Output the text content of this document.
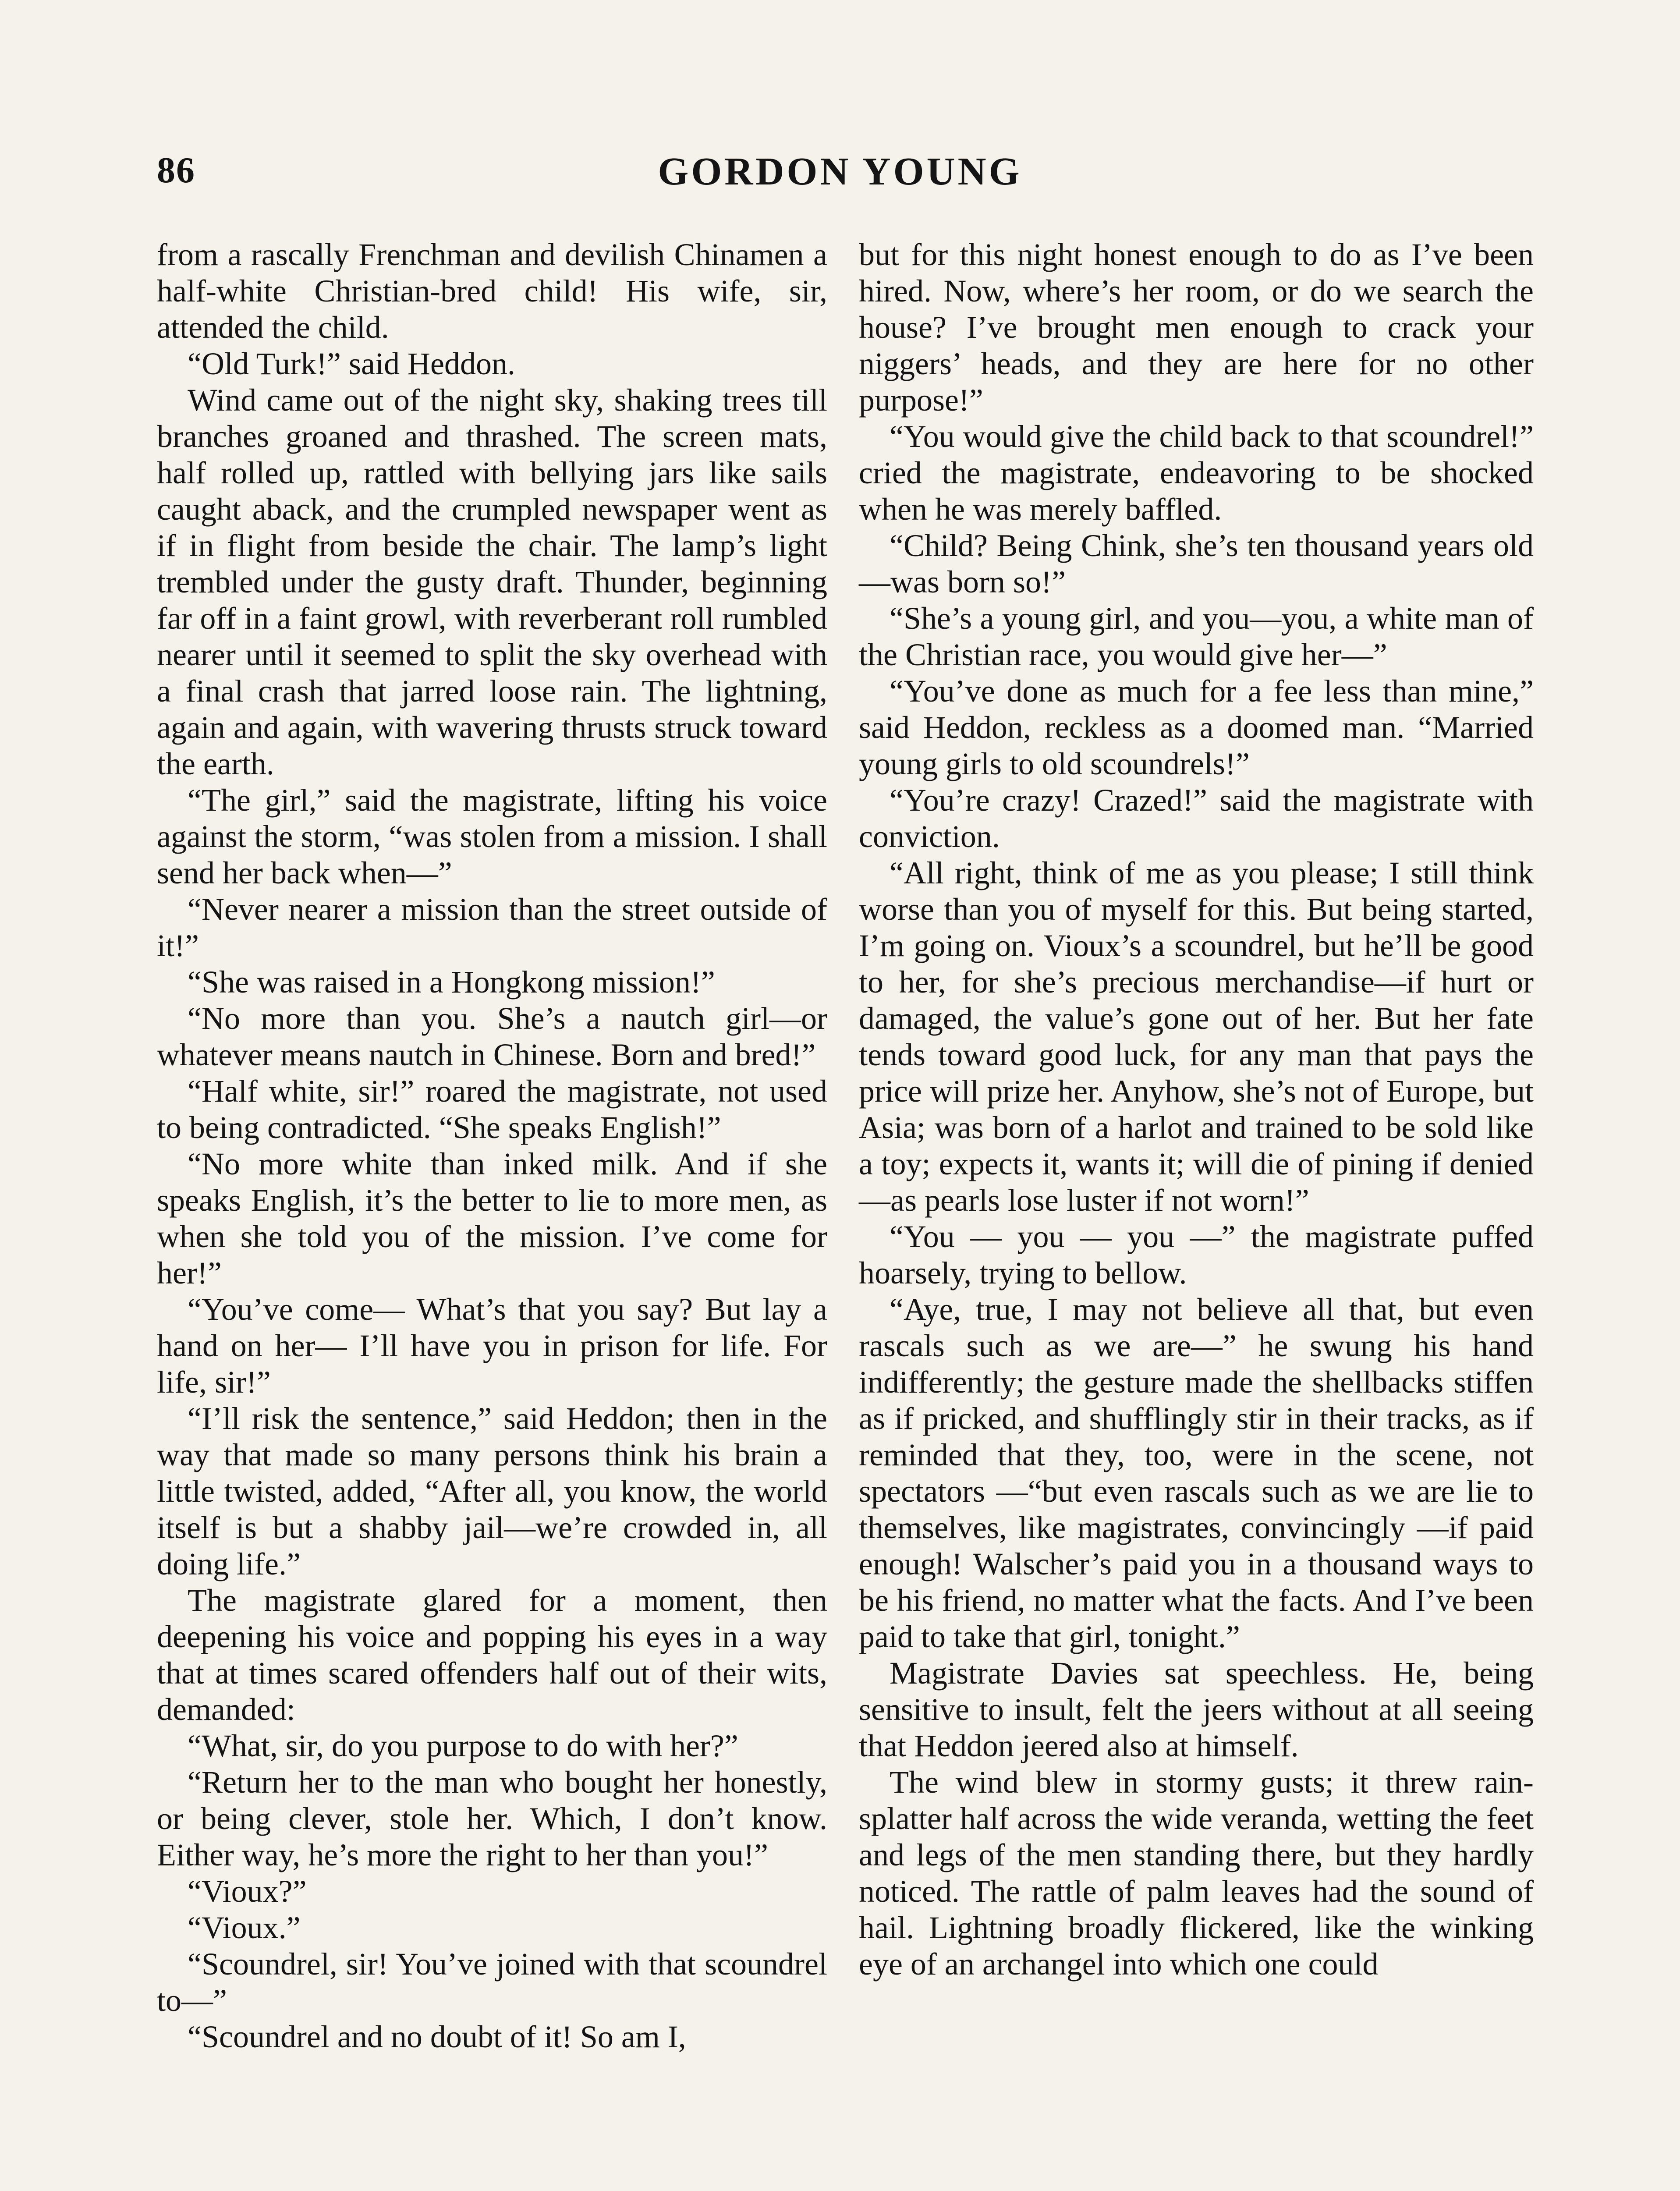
86	GORDON YOUNG

from a rascally Frenchman and devilish Chinamen a half-white Christian-bred child! His wife, sir, attended the child.

“Old Turk!” said Heddon.

Wind came out of the night sky, shaking trees till branches groaned and thrashed. The screen mats, half rolled up, rattled with bellying jars like sails caught aback, and the crumpled newspaper went as if in flight from beside the chair. The lamp’s light trembled under the gusty draft. Thunder, beginning far off in a faint growl, with reverberant roll rumbled nearer until it seemed to split the sky overhead with a final crash that jarred loose rain. The lightning, again and again, with wavering thrusts struck toward the earth.

“The girl,” said the magistrate, lifting his voice against the storm, “was stolen from a mission. I shall send her back when—”

“Never nearer a mission than the street outside of it!”

“She was raised in a Hongkong mission!”

“No more than you. She’s a nautch girl—or whatever means nautch in Chinese. Born and bred!”

“Half white, sir!” roared the magistrate, not used to being contradicted. “She speaks English!”

“No more white than inked milk. And if she speaks English, it’s the better to lie to more men, as when she told you of the mission. I’ve come for her!”

“You’ve come— What’s that you say? But lay a hand on her— I’ll have you in prison for life. For life, sir!”

“I’ll risk the sentence,” said Heddon; then in the way that made so many persons think his brain a little twisted, added, “After all, you know, the world itself is but a shabby jail—we’re crowded in, all doing life.”

The magistrate glared for a moment, then deepening his voice and popping his eyes in a way that at times scared offenders half out of their wits, demanded:

“What, sir, do you purpose to do with her?”

“Return her to the man who bought her honestly, or being clever, stole her. Which, I don’t know. Either way, he’s more the right to her than you!”

“Vioux?”

“Vioux.”

“Scoundrel, sir! You’ve joined with that scoundrel to—”

“Scoundrel and no doubt of it! So am I,

but for this night honest enough to do as I’ve been hired. Now, where’s her room, or do we search the house? I’ve brought men enough to crack your niggers’ heads, and they are here for no other purpose!”

“You would give the child back to that scoundrel!” cried the magistrate, endeavoring to be shocked when he was merely baffled.

“Child? Being Chink, she’s ten thousand years old—was born so!”

“She’s a young girl, and you—you, a white man of the Christian race, you would give her—”

“You’ve done as much for a fee less than mine,” said Heddon, reckless as a doomed man. “Married young girls to old scoundrels!”

“You’re crazy! Crazed!” said the magistrate with conviction.

“All right, think of me as you please; I still think worse than you of myself for this. But being started, I’m going on. Vioux’s a scoundrel, but he’ll be good to her, for she’s precious merchandise—if hurt or damaged, the value’s gone out of her. But her fate tends toward good luck, for any man that pays the price will prize her. Anyhow, she’s not of Europe, but Asia; was born of a harlot and trained to be sold like a toy; expects it, wants it; will die of pining if denied—as pearls lose luster if not worn!”

“You — you — you —” the magistrate puffed hoarsely, trying to bellow.

“Aye, true, I may not believe all that, but even rascals such as we are—” he swung his hand indifferently; the gesture made the shellbacks stiffen as if pricked, and shufflingly stir in their tracks, as if reminded that they, too, were in the scene, not spectators —“but even rascals such as we are lie to themselves, like magistrates, convincingly —if paid enough! Walscher’s paid you in a thousand ways to be his friend, no matter what the facts. And I’ve been paid to take that girl, tonight.”

Magistrate Davies sat speechless. He, being sensitive to insult, felt the jeers without at all seeing that Heddon jeered also at himself.

The wind blew in stormy gusts; it threw rain-splatter half across the wide veranda, wetting the feet and legs of the men standing there, but they hardly noticed. The rattle of palm leaves had the sound of hail. Lightning broadly flickered, like the winking eye of an archangel into which one could
